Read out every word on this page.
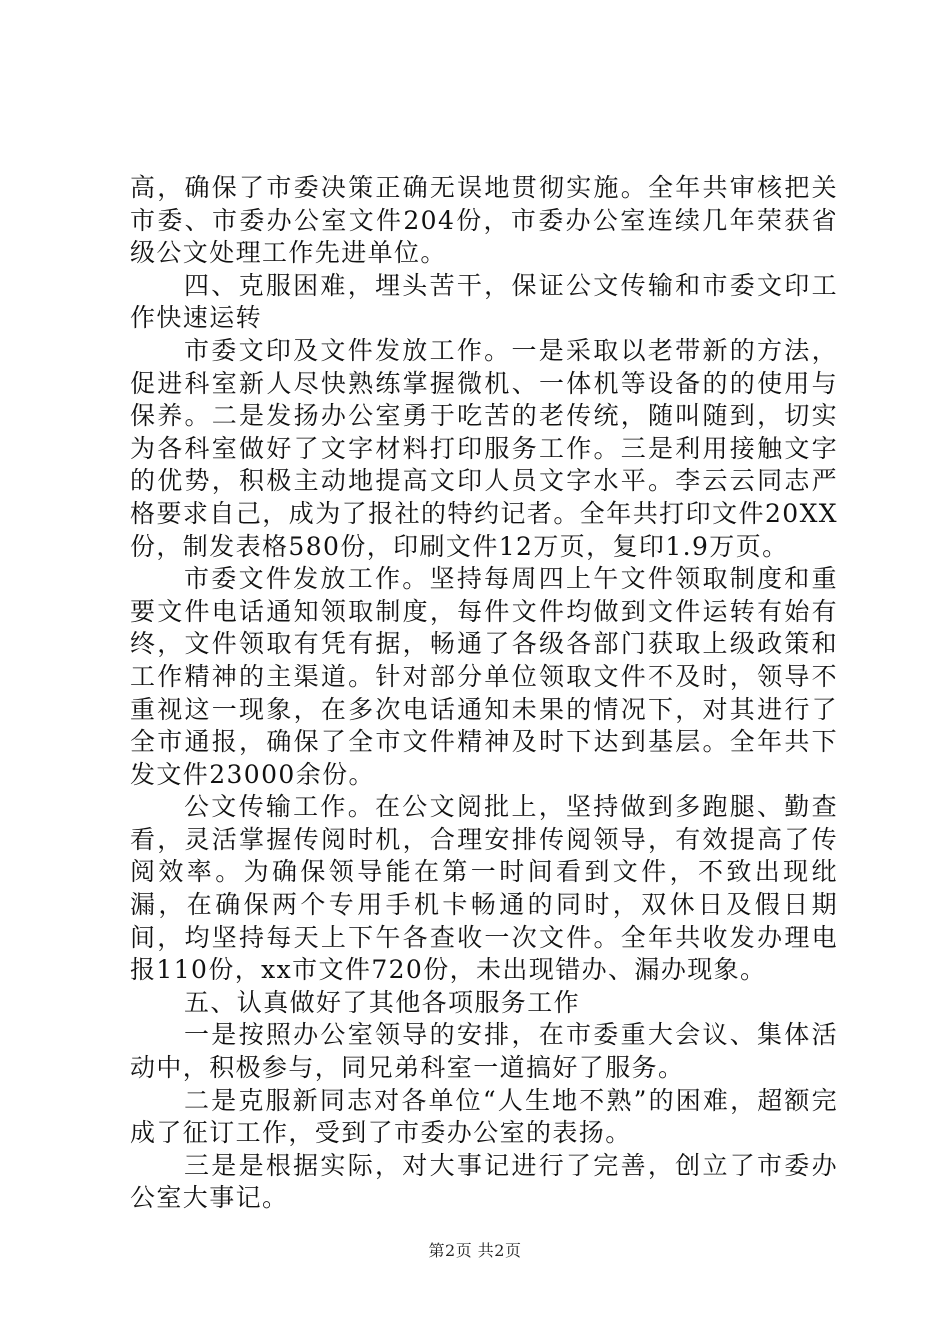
高，确保了市委决策正确无误地贯彻实施。全年共审核把关市委、市委办公室文件204份，市委办公室连续几年荣获省级公文处理工作先进单位。

四、克服困难，埋头苦干，保证公文传输和市委文印工作快速运转

市委文印及文件发放工作。一是采取以老带新的方法，促进科室新人尽快熟练掌握微机、一体机等设备的的使用与保养。二是发扬办公室勇于吃苦的老传统，随叫随到，切实为各科室做好了文字材料打印服务工作。三是利用接触文字的优势，积极主动地提高文印人员文字水平。李云云同志严格要求自己，成为了报社的特约记者。全年共打印文件20XX份，制发表格580份，印刷文件12万页，复印1.9万页。

市委文件发放工作。坚持每周四上午文件领取制度和重要文件电话通知领取制度，每件文件均做到文件运转有始有终，文件领取有凭有据，畅通了各级各部门获取上级政策和工作精神的主渠道。针对部分单位领取文件不及时，领导不重视这一现象，在多次电话通知未果的情况下，对其进行了全市通报，确保了全市文件精神及时下达到基层。全年共下发文件23000余份。

公文传输工作。在公文阅批上，坚持做到多跑腿、勤查看，灵活掌握传阅时机，合理安排传阅领导，有效提高了传阅效率。为确保领导能在第一时间看到文件，不致出现纰漏，在确保两个专用手机卡畅通的同时，双休日及假日期间，均坚持每天上下午各查收一次文件。全年共收发办理电报110份，xx市文件720份，未出现错办、漏办现象。

五、认真做好了其他各项服务工作

一是按照办公室领导的安排，在市委重大会议、集体活动中，积极参与，同兄弟科室一道搞好了服务。

二是克服新同志对各单位“人生地不熟”的困难，超额完成了征订工作，受到了市委办公室的表扬。

三是是根据实际，对大事记进行了完善，创立了市委办公室大事记。

第2页 共2页
